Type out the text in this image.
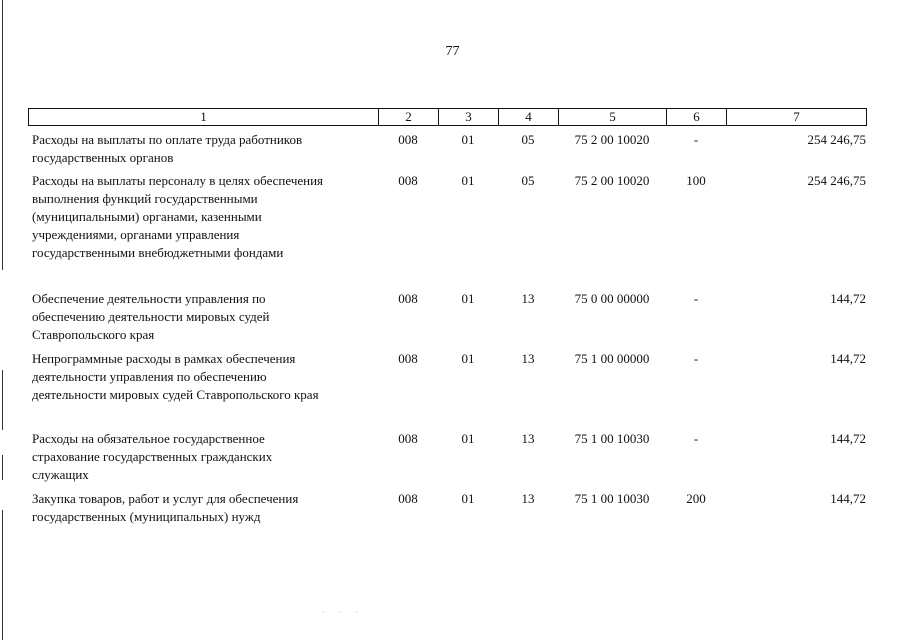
77
1	2	3	4	5	6	7
Расходы на выплаты по оплате труда работников
государственных органов
008	01	05	75 2 00 10020	-	254 246,75
Расходы на выплаты персоналу в целях обеспечения
выполнения функций государственными
(муниципальными) органами, казенными
учреждениями, органами управления
государственными внебюджетными фондами
008	01	05	75 2 00 10020	100	254 246,75
Обеспечение деятельности управления по
обеспечению деятельности мировых судей
Ставропольского края
008	01	13	75 0 00 00000	-	144,72
Непрограммные расходы в рамках обеспечения
деятельности управления по обеспечению
деятельности мировых судей Ставропольского края
008	01	13	75 1 00 00000	-	144,72
Расходы на обязательное государственное
страхование государственных гражданских
служащих
008	01	13	75 1 00 10030	-	144,72
Закупка товаров, работ и услуг для обеспечения
государственных (муниципальных) нужд
008	01	13	75 1 00 10030	200	144,72
· · ·
